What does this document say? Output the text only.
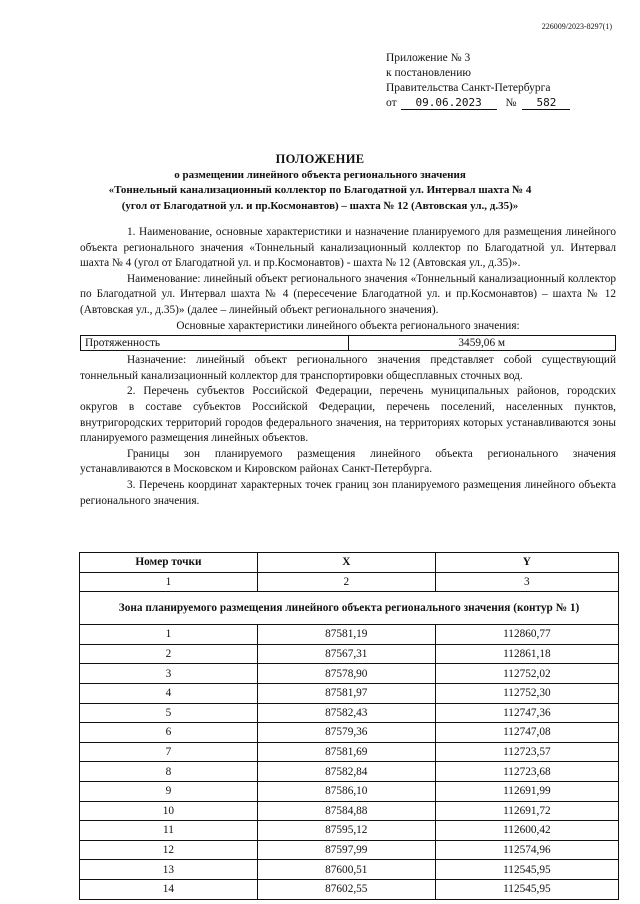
226009/2023-8297(1)
Приложение № 3
к постановлению
Правительства Санкт-Петербурга
от 09.06.2023 № 582
ПОЛОЖЕНИЕ
о размещении линейного объекта регионального значения
«Тоннельный канализационный коллектор по Благодатной ул. Интервал шахта № 4
(угол от Благодатной ул. и пр.Космонавтов) – шахта № 12 (Автовская ул., д.35)»
1. Наименование, основные характеристики и назначение планируемого для размещения линейного объекта регионального значения «Тоннельный канализационный коллектор по Благодатной ул. Интервал шахта № 4 (угол от Благодатной ул. и пр.Космонавтов) - шахта № 12 (Автовская ул., д.35)».
Наименование: линейный объект регионального значения «Тоннельный канализационный коллектор по Благодатной ул. Интервал шахта № 4 (пересечение Благодатной ул. и пр.Космонавтов) – шахта № 12 (Автовская ул., д.35)» (далее – линейный объект регионального значения).
Основные характеристики линейного объекта регионального значения:
Протяженность	3459,06 м
Назначение: линейный объект регионального значения представляет собой существующий тоннельный канализационный коллектор для транспортировки общесплавных сточных вод.
2. Перечень субъектов Российской Федерации, перечень муниципальных районов, городских округов в составе субъектов Российской Федерации, перечень поселений, населенных пунктов, внутригородских территорий городов федерального значения, на территориях которых устанавливаются зоны планируемого размещения линейных объектов.
Границы зон планируемого размещения линейного объекта регионального значения устанавливаются в Московском и Кировском районах Санкт-Петербурга.
3. Перечень координат характерных точек границ зон планируемого размещения линейного объекта регионального значения.
Номер точки	X	Y
1	2	3
Зона планируемого размещения линейного объекта регионального значения (контур № 1)		
1	87581,19	112860,77
2	87567,31	112861,18
3	87578,90	112752,02
4	87581,97	112752,30
5	87582,43	112747,36
6	87579,36	112747,08
7	87581,69	112723,57
8	87582,84	112723,68
9	87586,10	112691,99
10	87584,88	112691,72
11	87595,12	112600,42
12	87597,99	112574,96
13	87600,51	112545,95
14	87602,55	112545,95
